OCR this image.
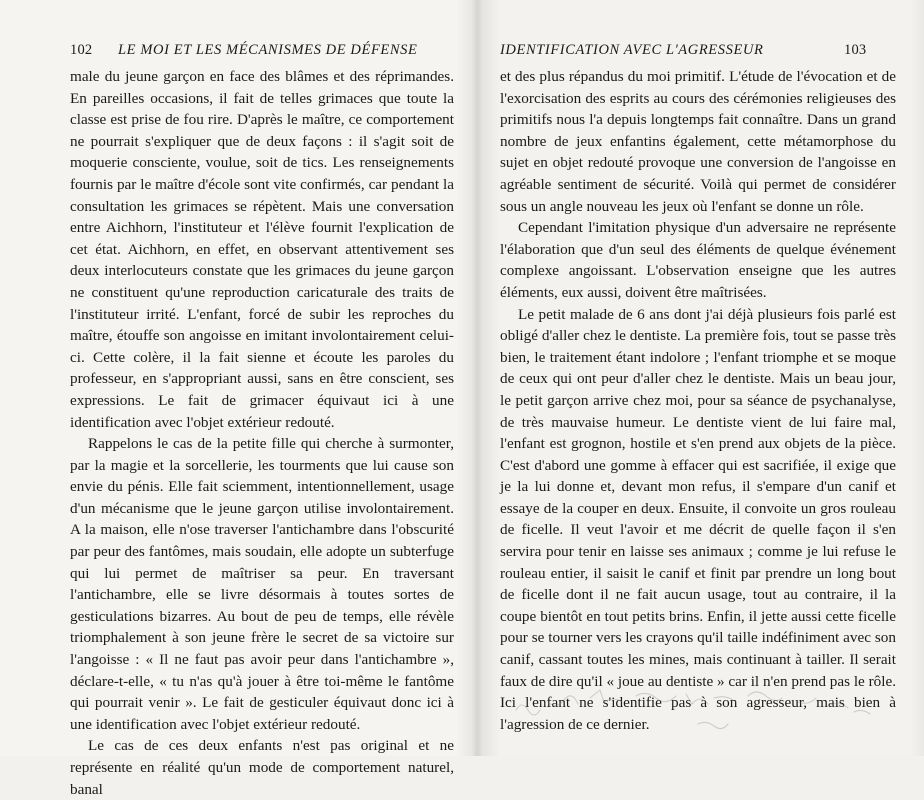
102 LE MOI ET LES MÉCANISMES DE DÉFENSE

male du jeune garçon en face des blâmes et des réprimandes. En pareilles occasions, il fait de telles grimaces que toute la classe est prise de fou rire. D'après le maître, ce comportement ne pourrait s'expliquer que de deux façons : il s'agit soit de moquerie consciente, voulue, soit de tics. Les renseignements fournis par le maître d'école sont vite confirmés, car pendant la consultation les grimaces se répètent. Mais une conversation entre Aichhorn, l'instituteur et l'élève fournit l'explication de cet état. Aichhorn, en effet, en observant attentivement ses deux interlocuteurs constate que les grimaces du jeune garçon ne constituent qu'une reproduction caricaturale des traits de l'instituteur irrité. L'enfant, forcé de subir les reproches du maître, étouffe son angoisse en imitant involontairement celui-ci. Cette colère, il la fait sienne et écoute les paroles du professeur, en s'appropriant aussi, sans en être conscient, ses expressions. Le fait de grimacer équivaut ici à une identification avec l'objet extérieur redouté.

Rappelons le cas de la petite fille qui cherche à surmonter, par la magie et la sorcellerie, les tourments que lui cause son envie du pénis. Elle fait sciemment, intentionnellement, usage d'un mécanisme que le jeune garçon utilise involontairement. A la maison, elle n'ose traverser l'antichambre dans l'obscurité par peur des fantômes, mais soudain, elle adopte un subterfuge qui lui permet de maîtriser sa peur. En traversant l'antichambre, elle se livre désormais à toutes sortes de gesticulations bizarres. Au bout de peu de temps, elle révèle triomphalement à son jeune frère le secret de sa victoire sur l'angoisse : « Il ne faut pas avoir peur dans l'antichambre », déclare-t-elle, « tu n'as qu'à jouer à être toi-même le fantôme qui pourrait venir ». Le fait de gesticuler équivaut donc ici à une identification avec l'objet extérieur redouté.

Le cas de ces deux enfants n'est pas original et ne représente en réalité qu'un mode de comportement naturel, banal

IDENTIFICATION AVEC L'AGRESSEUR	103

et des plus répandus du moi primitif. L'étude de l'évocation et de l'exorcisation des esprits au cours des cérémonies religieuses des primitifs nous l'a depuis longtemps fait connaître. Dans un grand nombre de jeux enfantins également, cette métamorphose du sujet en objet redouté provoque une conversion de l'angoisse en agréable sentiment de sécurité. Voilà qui permet de considérer sous un angle nouveau les jeux où l'enfant se donne un rôle.

Cependant l'imitation physique d'un adversaire ne représente l'élaboration que d'un seul des éléments de quelque événement complexe angoissant. L'observation enseigne que les autres éléments, eux aussi, doivent être maîtrisées.

Le petit malade de 6 ans dont j'ai déjà plusieurs fois parlé est obligé d'aller chez le dentiste. La première fois, tout se passe très bien, le traitement étant indolore ; l'enfant triomphe et se moque de ceux qui ont peur d'aller chez le dentiste. Mais un beau jour, le petit garçon arrive chez moi, pour sa séance de psychanalyse, de très mauvaise humeur. Le dentiste vient de lui faire mal, l'enfant est grognon, hostile et s'en prend aux objets de la pièce. C'est d'abord une gomme à effacer qui est sacrifiée, il exige que je la lui donne et, devant mon refus, il s'empare d'un canif et essaye de la couper en deux. Ensuite, il convoite un gros rouleau de ficelle. Il veut l'avoir et me décrit de quelle façon il s'en servira pour tenir en laisse ses animaux ; comme je lui refuse le rouleau entier, il saisit le canif et finit par prendre un long bout de ficelle dont il ne fait aucun usage, tout au contraire, il la coupe bientôt en tout petits brins. Enfin, il jette aussi cette ficelle pour se tourner vers les crayons qu'il taille indéfiniment avec son canif, cassant toutes les mines, mais continuant à tailler. Il serait faux de dire qu'il « joue au dentiste » car il n'en prend pas le rôle. Ici l'enfant ne s'identifie pas à son agresseur, mais bien à l'agression de ce dernier.
